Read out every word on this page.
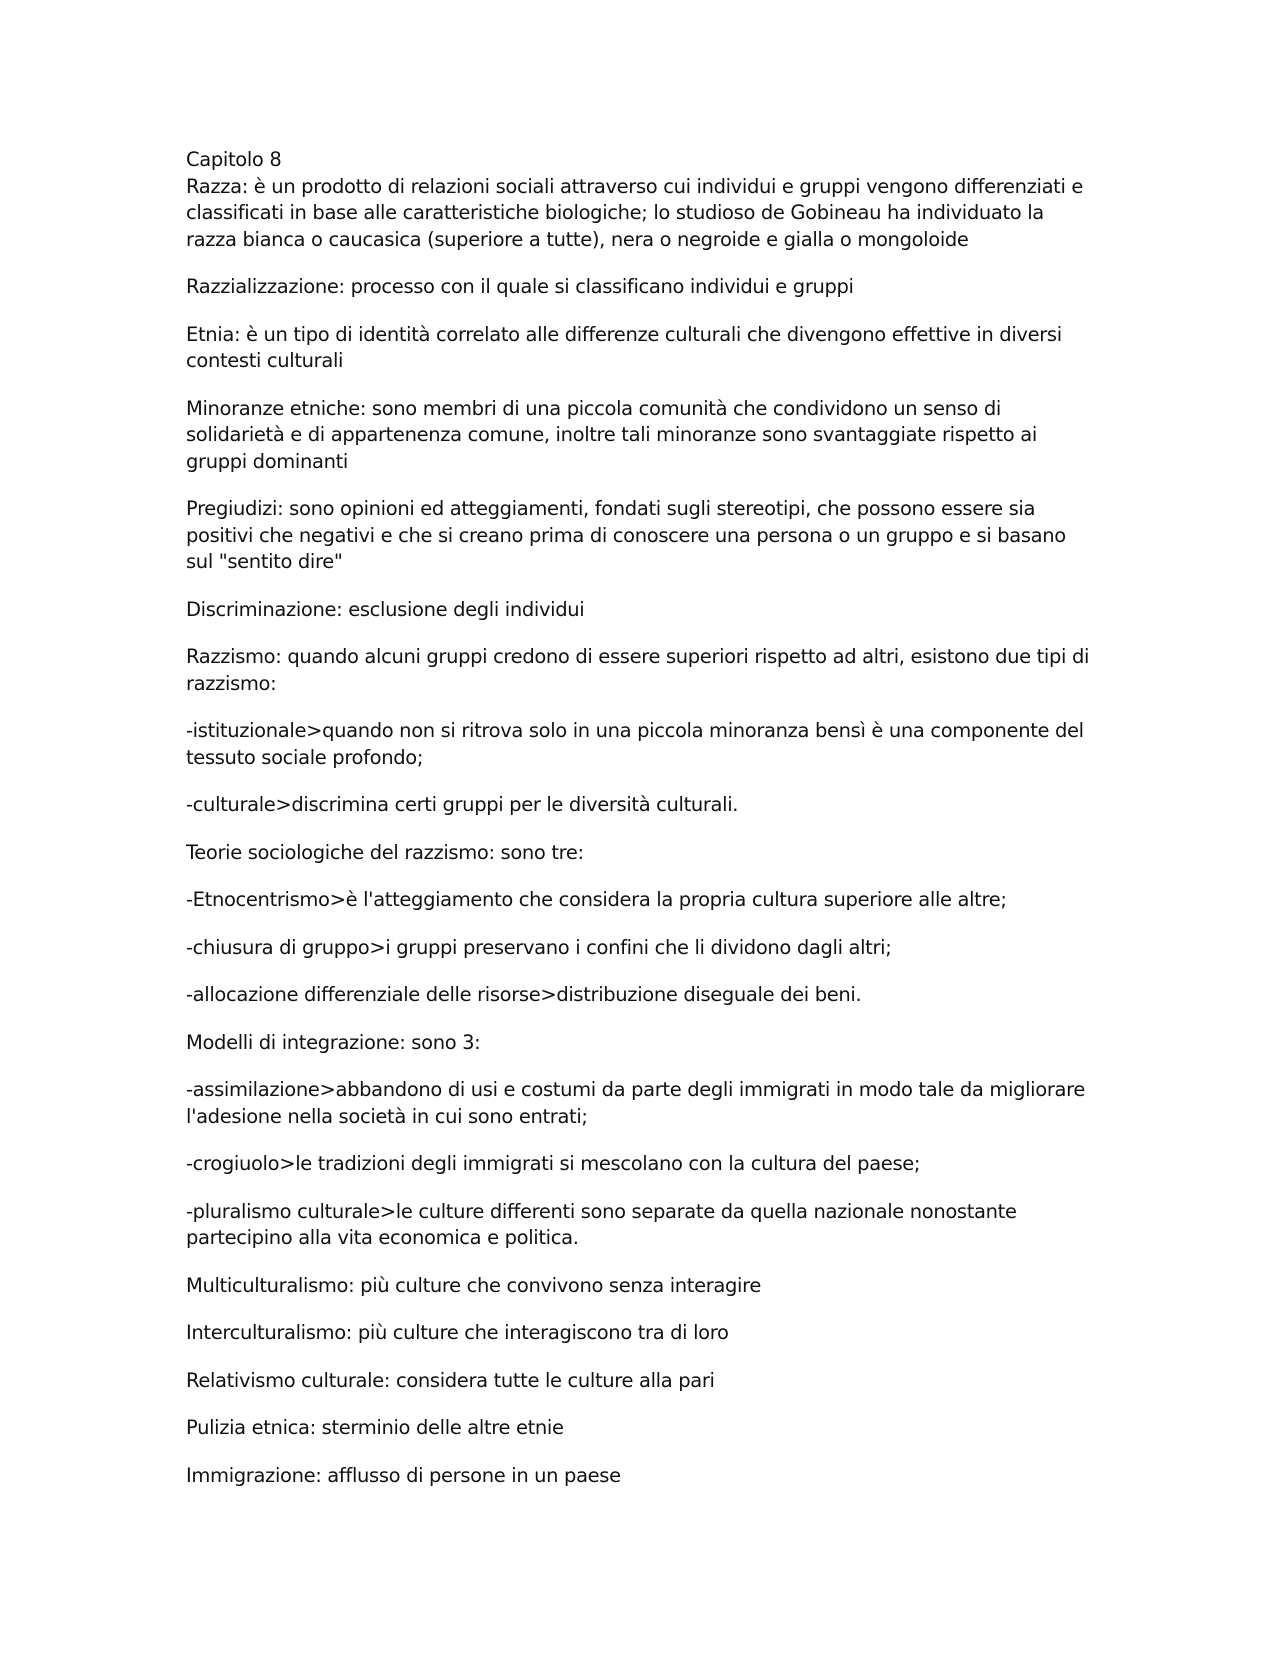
Capitolo 8

Razza: è un prodotto di relazioni sociali attraverso cui individui e gruppi vengono differenziati e classificati in base alle caratteristiche biologiche; lo studioso de Gobineau ha individuato la razza bianca o caucasica (superiore a tutte), nera o negroide e gialla o mongoloide

Razzializzazione: processo con il quale si classificano individui e gruppi

Etnia: è un tipo di identità correlato alle differenze culturali che divengono effettive in diversi contesti culturali

Minoranze etniche: sono membri di una piccola comunità che condividono un senso di solidarietà e di appartenenza comune, inoltre tali minoranze sono svantaggiate rispetto ai gruppi dominanti

Pregiudizi: sono opinioni ed atteggiamenti, fondati sugli stereotipi, che possono essere sia positivi che negativi e che si creano prima di conoscere una persona o un gruppo e si basano sul "sentito dire"

Discriminazione: esclusione degli individui

Razzismo: quando alcuni gruppi credono di essere superiori rispetto ad altri, esistono due tipi di razzismo:

-istituzionale>quando non si ritrova solo in una piccola minoranza bensì è una componente del tessuto sociale profondo;

-culturale>discrimina certi gruppi per le diversità culturali.

Teorie sociologiche del razzismo: sono tre:

-Etnocentrismo>è l'atteggiamento che considera la propria cultura superiore alle altre;

-chiusura di gruppo>i gruppi preservano i confini che li dividono dagli altri;

-allocazione differenziale delle risorse>distribuzione diseguale dei beni.

Modelli di integrazione: sono 3:

-assimilazione>abbandono di usi e costumi da parte degli immigrati in modo tale da migliorare l'adesione nella società in cui sono entrati;

-crogiuolo>le tradizioni degli immigrati si mescolano con la cultura del paese;

-pluralismo culturale>le culture differenti sono separate da quella nazionale nonostante partecipino alla vita economica e politica.

Multiculturalismo: più culture che convivono senza interagire

Interculturalismo: più culture che interagiscono tra di loro

Relativismo culturale: considera tutte le culture alla pari

Pulizia etnica: sterminio delle altre etnie

Immigrazione: afflusso di persone in un paese
